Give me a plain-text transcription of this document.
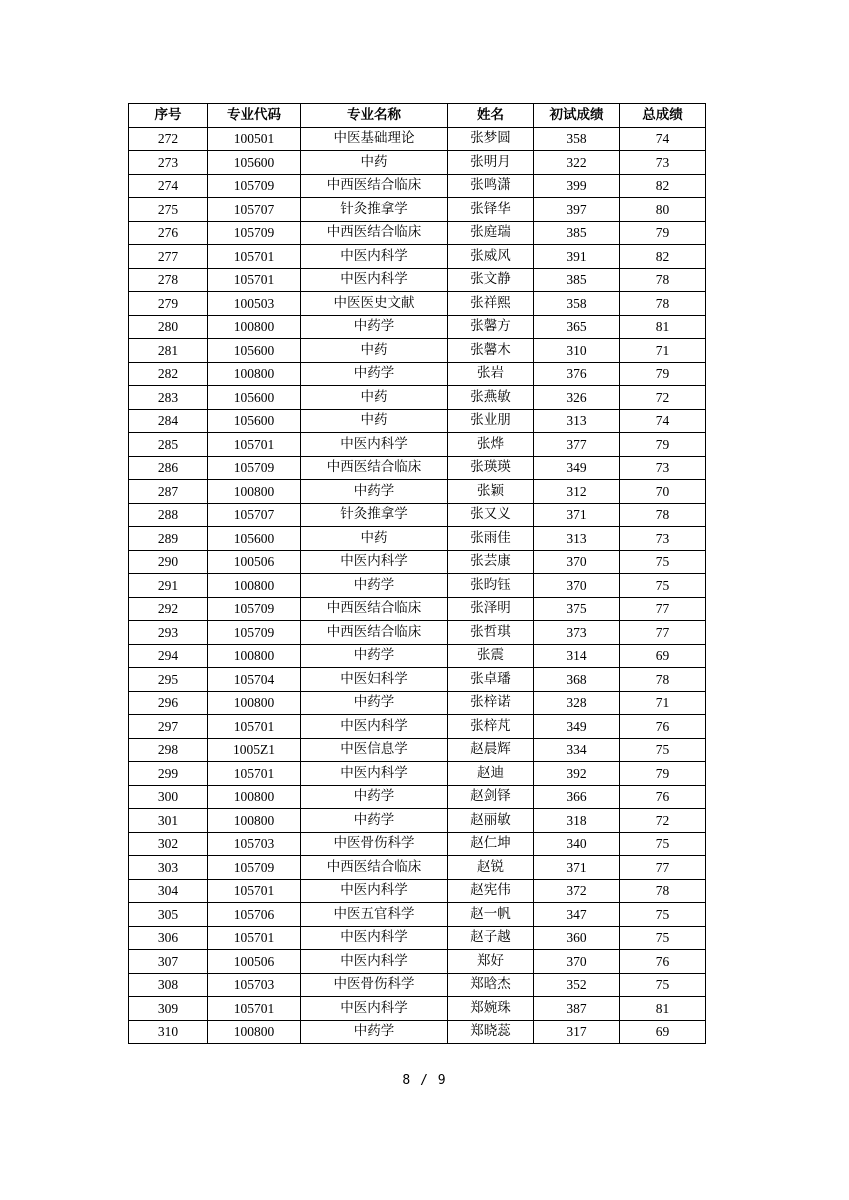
序号	专业代码	专业名称	姓名	初试成绩	总成绩
272	100501	中医基础理论	张梦圆	358	74
273	105600	中药	张明月	322	73
274	105709	中西医结合临床	张鸣潇	399	82
275	105707	针灸推拿学	张铎华	397	80
276	105709	中西医结合临床	张庭瑞	385	79
277	105701	中医内科学	张威风	391	82
278	105701	中医内科学	张文静	385	78
279	100503	中医医史文献	张祥熙	358	78
280	100800	中药学	张馨方	365	81
281	105600	中药	张馨木	310	71
282	100800	中药学	张岩	376	79
283	105600	中药	张燕敏	326	72
284	105600	中药	张业朋	313	74
285	105701	中医内科学	张烨	377	79
286	105709	中西医结合临床	张瑛瑛	349	73
287	100800	中药学	张颖	312	70
288	105707	针灸推拿学	张又义	371	78
289	105600	中药	张雨佳	313	73
290	100506	中医内科学	张芸康	370	75
291	100800	中药学	张昀钰	370	75
292	105709	中西医结合临床	张泽明	375	77
293	105709	中西医结合临床	张哲琪	373	77
294	100800	中药学	张震	314	69
295	105704	中医妇科学	张卓璠	368	78
296	100800	中药学	张梓诺	328	71
297	105701	中医内科学	张梓芃	349	76
298	1005Z1	中医信息学	赵晨辉	334	75
299	105701	中医内科学	赵迪	392	79
300	100800	中药学	赵剑铎	366	76
301	100800	中药学	赵丽敏	318	72
302	105703	中医骨伤科学	赵仁坤	340	75
303	105709	中西医结合临床	赵锐	371	77
304	105701	中医内科学	赵宪伟	372	78
305	105706	中医五官科学	赵一帆	347	75
306	105701	中医内科学	赵子越	360	75
307	100506	中医内科学	郑好	370	76
308	105703	中医骨伤科学	郑晗杰	352	75
309	105701	中医内科学	郑婉珠	387	81
310	100800	中药学	郑晓蕊	317	69
8 / 9
